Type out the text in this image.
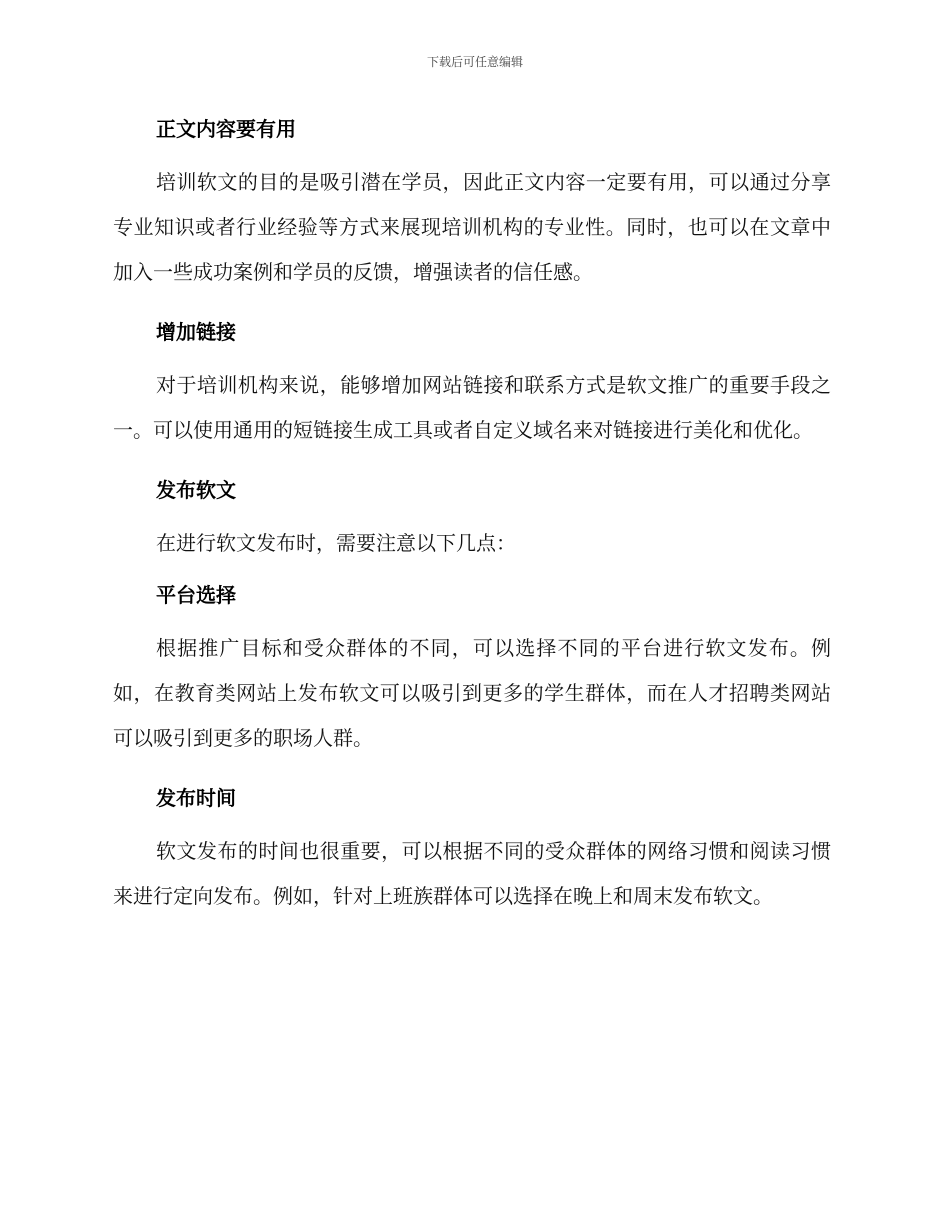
下载后可任意编辑
正文内容要有用

培训软文的目的是吸引潜在学员，因此正文内容一定要有用，可以通过分享专业知识或者行业经验等方式来展现培训机构的专业性。同时，也可以在文章中加入一些成功案例和学员的反馈，增强读者的信任感。

增加链接

对于培训机构来说，能够增加网站链接和联系方式是软文推广的重要手段之一。可以使用通用的短链接生成工具或者自定义域名来对链接进行美化和优化。

发布软文

在进行软文发布时，需要注意以下几点：

平台选择

根据推广目标和受众群体的不同，可以选择不同的平台进行软文发布。例如，在教育类网站上发布软文可以吸引到更多的学生群体，而在人才招聘类网站可以吸引到更多的职场人群。

发布时间

软文发布的时间也很重要，可以根据不同的受众群体的网络习惯和阅读习惯来进行定向发布。例如，针对上班族群体可以选择在晚上和周末发布软文。
